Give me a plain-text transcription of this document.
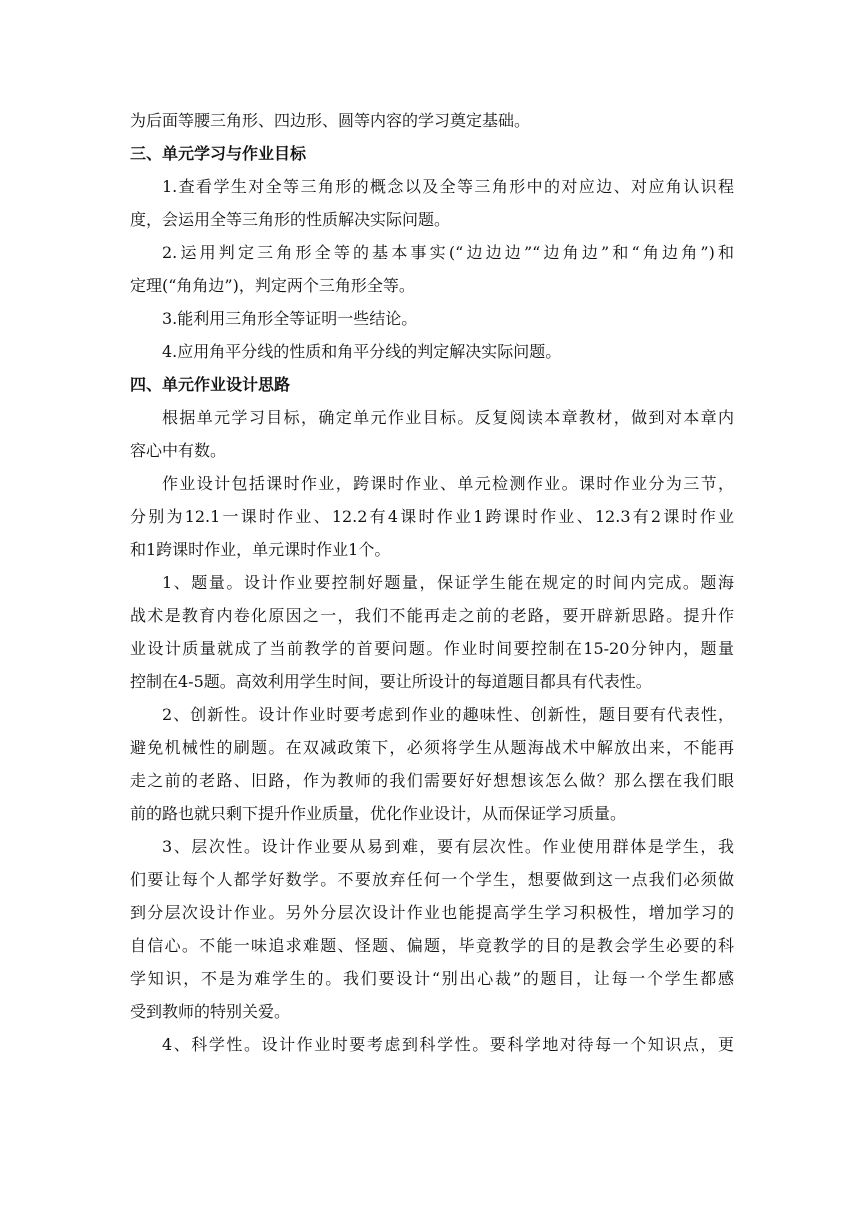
为后面等腰三角形、四边形、圆等内容的学习奠定基础。
三、单元学习与作业目标
1.查看学生对全等三角形的概念以及全等三角形中的对应边、对应角认识程
度，会运用全等三角形的性质解决实际问题。
2.运用判定三角形全等的基本事实(“边边边”“边角边”和“角边角”)和
定理(“角角边”)，判定两个三角形全等。
3.能利用三角形全等证明一些结论。
4.应用角平分线的性质和角平分线的判定解决实际问题。
四、单元作业设计思路
根据单元学习目标，确定单元作业目标。反复阅读本章教材，做到对本章内
容心中有数。
作业设计包括课时作业，跨课时作业、单元检测作业。课时作业分为三节，
分别为12.1一课时作业、12.2有4课时作业1跨课时作业、12.3有2课时作业
和1跨课时作业，单元课时作业1个。
1、题量。设计作业要控制好题量，保证学生能在规定的时间内完成。题海
战术是教育内卷化原因之一，我们不能再走之前的老路，要开辟新思路。提升作
业设计质量就成了当前教学的首要问题。作业时间要控制在15-20分钟内，题量
控制在4-5题。高效利用学生时间，要让所设计的每道题目都具有代表性。
2、创新性。设计作业时要考虑到作业的趣味性、创新性，题目要有代表性，
避免机械性的刷题。在双减政策下，必须将学生从题海战术中解放出来，不能再
走之前的老路、旧路，作为教师的我们需要好好想想该怎么做？那么摆在我们眼
前的路也就只剩下提升作业质量，优化作业设计，从而保证学习质量。
3、层次性。设计作业要从易到难，要有层次性。作业使用群体是学生，我
们要让每个人都学好数学。不要放弃任何一个学生，想要做到这一点我们必须做
到分层次设计作业。另外分层次设计作业也能提高学生学习积极性，增加学习的
自信心。不能一味追求难题、怪题、偏题，毕竟教学的目的是教会学生必要的科
学知识，不是为难学生的。我们要设计“别出心裁”的题目，让每一个学生都感
受到教师的特别关爱。
4、科学性。设计作业时要考虑到科学性。要科学地对待每一个知识点，更
